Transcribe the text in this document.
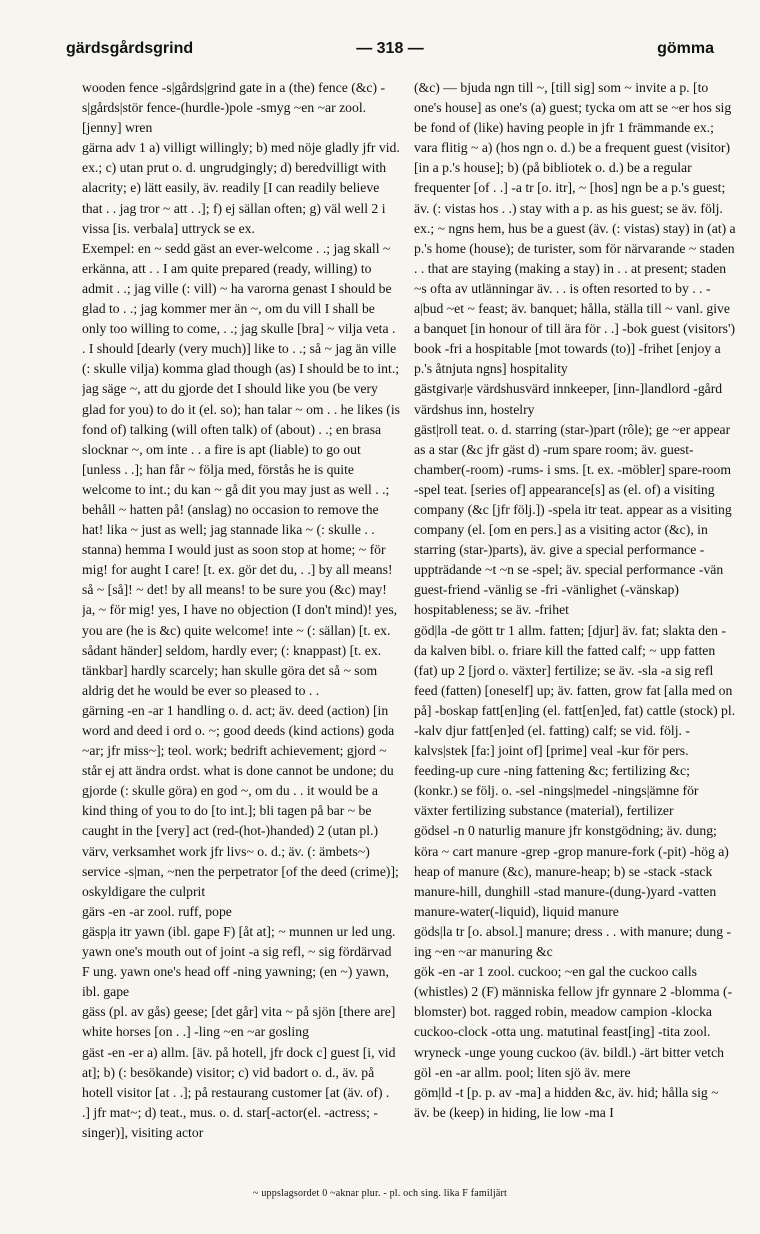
gärdsgårdsgrind	— 318 —	gömma

wooden fence -s|gårds|grind gate in a (the) fence (&c) -s|gårds|stör fence-(hurdle-)pole -smyg ~en ~ar zool. [jenny] wren

gärna adv 1 a) villigt willingly; b) med nöje gladly jfr vid. ex.; c) utan prut o. d. ungrudgingly; d) beredvilligt with alacrity; e) lätt easily, äv. readily [I can readily believe that . . jag tror ~ att . .]; f) ej sällan often; g) väl well 2 i vissa [is. verbala] uttryck se ex.

Exempel: en ~ sedd gäst an ever-welcome . .; jag skall ~ erkänna, att . . I am quite prepared (ready, willing) to admit . .; jag ville (: vill) ~ ha varorna genast I should be glad to . .; jag kommer mer än ~, om du vill I shall be only too willing to come, . .; jag skulle [bra] ~ vilja veta . . I should [dearly (very much)] like to . .; så ~ jag än ville (: skulle vilja) komma glad though (as) I should be to int.; jag säge ~, att du gjorde det I should like you (be very glad for you) to do it (el. so); han talar ~ om . . he likes (is fond of) talking (will often talk) of (about) . .; en brasa slocknar ~, om inte . . a fire is apt (liable) to go out [unless . .]; han får ~ följa med, förstås he is quite welcome to int.; du kan ~ gå dit you may just as well . .; behåll ~ hatten på! (anslag) no occasion to remove the hat! lika ~ just as well; jag stannade lika ~ (: skulle . . stanna) hemma I would just as soon stop at home; ~ för mig! for aught I care! [t. ex. gör det du, . .] by all means! så ~ [så]! ~ det! by all means! to be sure you (&c) may! ja, ~ för mig! yes, I have no objection (I don't mind)! yes, you are (he is &c) quite welcome! inte ~ (: sällan) [t. ex. sådant händer] seldom, hardly ever; (: knappast) [t. ex. tänkbar] hardly scarcely; han skulle göra det så ~ som aldrig det he would be ever so pleased to . .

gärning -en -ar 1 handling o. d. act; äv. deed (action) [in word and deed i ord o. ~; good deeds (kind actions) goda ~ar; jfr miss~]; teol. work; bedrift achievement; gjord ~ står ej att ändra ordst. what is done cannot be undone; du gjorde (: skulle göra) en god ~, om du . . it would be a kind thing of you to do [to int.]; bli tagen på bar ~ be caught in the [very] act (red-(hot-)handed) 2 (utan pl.) värv, verksamhet work jfr livs~ o. d.; äv. (: ämbets~) service -s|man, ~nen the perpetrator [of the deed (crime)]; oskyldigare the culprit

gärs -en -ar zool. ruff, pope

gäsp|a itr yawn (ibl. gape F) [åt at]; ~ munnen ur led ung. yawn one's mouth out of joint -a sig refl, ~ sig fördärvad F ung. yawn one's head off -ning yawning; (en ~) yawn, ibl. gape

gäss (pl. av gås) geese; [det går] vita ~ på sjön [there are] white horses [on . .] -ling ~en ~ar gosling

gäst -en -er a) allm. [äv. på hotell, jfr dock c] guest [i, vid at]; b) (: besökande) visitor; c) vid badort o. d., äv. på hotell visitor [at . .]; på restaurang customer [at (äv. of) . .] jfr mat~; d) teat., mus. o. d. star[-actor(el. -actress; -singer)], visiting actor

(&c) — bjuda ngn till ~, [till sig] som ~ invite a p. [to one's house] as one's (a) guest; tycka om att se ~er hos sig be fond of (like) having people in jfr 1 främmande ex.; vara flitig ~ a) (hos ngn o. d.) be a frequent guest (visitor) [in a p.'s house]; b) (på bibliotek o. d.) be a regular frequenter [of . .] -a tr [o. itr], ~ [hos] ngn be a p.'s guest; äv. (: vistas hos . .) stay with a p. as his guest; se äv. följ. ex.; ~ ngns hem, hus be a guest (äv. (: vistas) stay) in (at) a p.'s home (house); de turister, som för närvarande ~ staden . . that are staying (making a stay) in . . at present; staden ~s ofta av utlänningar äv. . . is often resorted to by . . -a|bud ~et ~ feast; äv. banquet; hålla, ställa till ~ vanl. give a banquet [in honour of till ära för . .] -bok guest (visitors') book -fri a hospitable [mot towards (to)] -frihet [enjoy a p.'s åtnjuta ngns] hospitality

gästgivar|e värdshusvärd innkeeper, [inn-]landlord -gård värdshus inn, hostelry

gäst|roll teat. o. d. starring (star-)part (rôle); ge ~er appear as a star (&c jfr gäst d) -rum spare room; äv. guest-chamber(-room) -rums- i sms. [t. ex. -möbler] spare-room -spel teat. [series of] appearance[s] as (el. of) a visiting company (&c [jfr följ.]) -spela itr teat. appear as a visiting company (el. [om en pers.] as a visiting actor (&c), in starring (star-)parts), äv. give a special performance -uppträdande ~t ~n se -spel; äv. special performance -vän guest-friend -vänlig se -fri -vänlighet (-vänskap) hospitableness; se äv. -frihet

göd|la -de gött tr 1 allm. fatten; [djur] äv. fat; slakta den -da kalven bibl. o. friare kill the fatted calf; ~ upp fatten (fat) up 2 [jord o. växter] fertilize; se äv. -sla -a sig refl feed (fatten) [oneself] up; äv. fatten, grow fat [alla med on på] -boskap fatt[en]ing (el. fatt[en]ed, fat) cattle (stock) pl. -kalv djur fatt[en]ed (el. fatting) calf; se vid. följ. -kalvs|stek [fa:] joint of] [prime] veal -kur för pers. feeding-up cure -ning fattening &c; fertilizing &c; (konkr.) se följ. o. -sel -nings|medel -nings|ämne för växter fertilizing substance (material), fertilizer

gödsel -n 0 naturlig manure jfr konstgödning; äv. dung; köra ~ cart manure -grep -grop manure-fork (-pit) -hög a) heap of manure (&c), manure-heap; b) se -stack -stack manure-hill, dunghill -stad manure-(dung-)yard -vatten manure-water(-liquid), liquid manure

göds|la tr [o. absol.] manure; dress . . with manure; dung -ing ~en ~ar manuring &c

gök -en -ar 1 zool. cuckoo; ~en gal the cuckoo calls (whistles) 2 (F) människa fellow jfr gynnare 2 -blomma (-blomster) bot. ragged robin, meadow campion -klocka cuckoo-clock -otta ung. matutinal feast[ing] -tita zool. wryneck -unge young cuckoo (äv. bildl.) -ärt bitter vetch

göl -en -ar allm. pool; liten sjö äv. mere

göm|ld -t [p. p. av -ma] a hidden &c, äv. hid; hålla sig ~ äv. be (keep) in hiding, lie low -ma I

~ uppslagsordet 0 ~aknar plur. - pl. och sing. lika F familjärt
